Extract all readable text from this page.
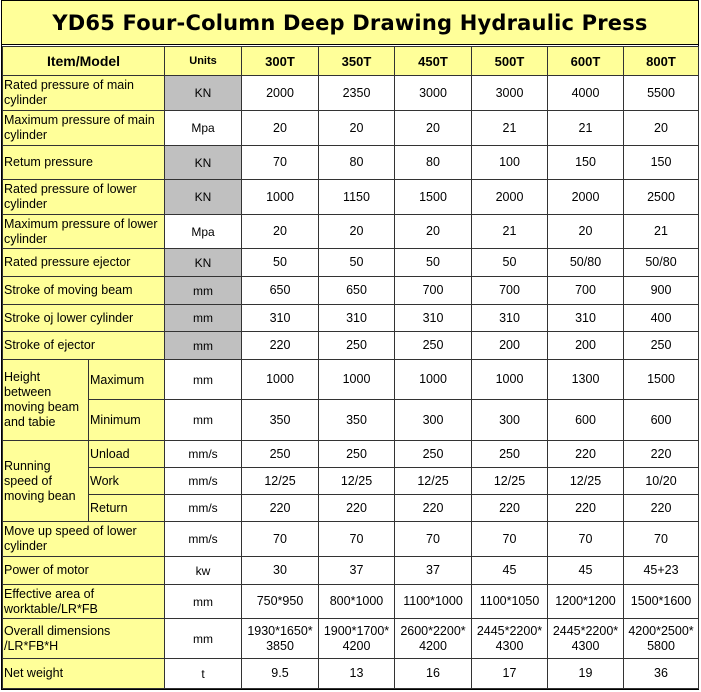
YD65 Four-Column Deep Drawing Hydraulic Press
Item/Model		Units	300T	350T	450T	500T	600T	800T
Rated pressure of main cylinder		KN	2000	2350	3000	3000	4000	5500
Maximum pressure of main cylinder		Mpa	20	20	20	21	21	20
Retum pressure		KN	70	80	80	100	150	150
Rated pressure of lower cylinder		KN	1000	1150	1500	2000	2000	2500
Maximum pressure of lower cylinder		Mpa	20	20	20	21	20	21
Rated pressure ejector		KN	50	50	50	50	50/80	50/80
Stroke of moving beam		mm	650	650	700	700	700	900
Stroke oj lower cylinder		mm	310	310	310	310	310	400
Stroke of ejector		mm	220	250	250	200	200	250
Height between moving beam and tabie	Maximum	mm	1000	1000	1000	1000	1300	1500
	Minimum	mm	350	350	300	300	600	600
Running speed of moving bean	Unload	mm/s	250	250	250	250	220	220
	Work	mm/s	12/25	12/25	12/25	12/25	12/25	10/20
	Return	mm/s	220	220	220	220	220	220
Move up speed of lower cylinder		mm/s	70	70	70	70	70	70
Power of motor		kw	30	37	37	45	45	45+23
Effective area of worktable/LR*FB		mm	750*950	800*1000	1100*1000	1100*1050	1200*1200	1500*1600
Overall dimensions /LR*FB*H		mm	1930*1650* 3850	1900*1700* 4200	2600*2200* 4200	2445*2200* 4300	2445*2200* 4300	4200*2500* 5800
Net weight		t	9.5	13	16	17	19	36
